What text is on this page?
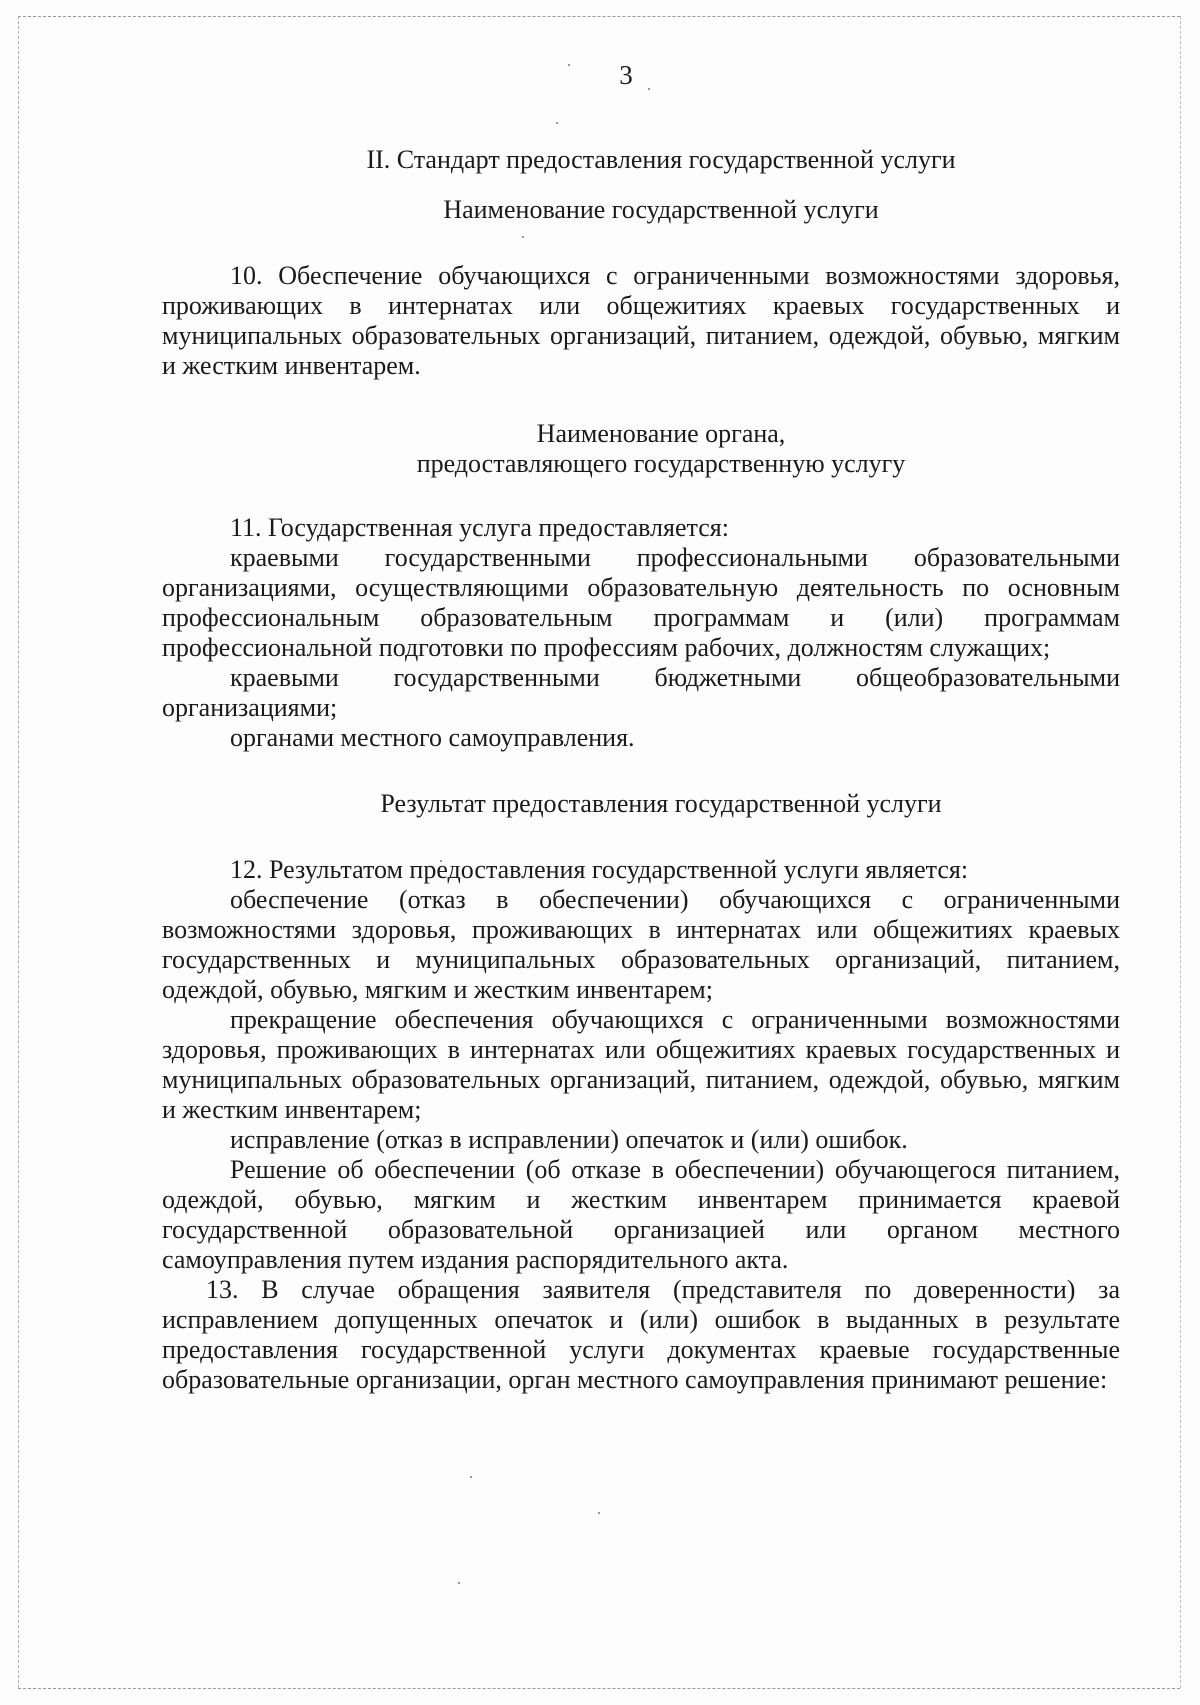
3
II. Стандарт предоставления государственной услуги
Наименование государственной услуги

10. Обеспечение обучающихся с ограниченными возможностями здоровья, проживающих в интернатах или общежитиях краевых государственных и муниципальных образовательных организаций, питанием, одеждой, обувью, мягким и жестким инвентарем.

Наименование органа,
предоставляющего государственную услугу

11. Государственная услуга предоставляется:

краевыми государственными профессиональными образовательными организациями, осуществляющими образовательную деятельность по основным профессиональным образовательным программам и (или) программам профессиональной подготовки по профессиям рабочих, должностям служащих;

краевыми государственными бюджетными общеобразовательными организациями;

органами местного самоуправления.

Результат предоставления государственной услуги

12. Результатом предоставления государственной услуги является:

обеспечение (отказ в обеспечении) обучающихся с ограниченными возможностями здоровья, проживающих в интернатах или общежитиях краевых государственных и муниципальных образовательных организаций, питанием, одеждой, обувью, мягким и жестким инвентарем;

прекращение обеспечения обучающихся с ограниченными возможностями здоровья, проживающих в интернатах или общежитиях краевых государственных и муниципальных образовательных организаций, питанием, одеждой, обувью, мягким и жестким инвентарем;

исправление (отказ в исправлении) опечаток и (или) ошибок.

Решение об обеспечении (об отказе в обеспечении) обучающегося питанием, одеждой, обувью, мягким и жестким инвентарем принимается краевой государственной образовательной организацией или органом местного самоуправления путем издания распорядительного акта.

13. В случае обращения заявителя (представителя по доверенности) за исправлением допущенных опечаток и (или) ошибок в выданных в результате предоставления государственной услуги документах краевые государственные образовательные организации, орган местного самоуправления принимают решение:
